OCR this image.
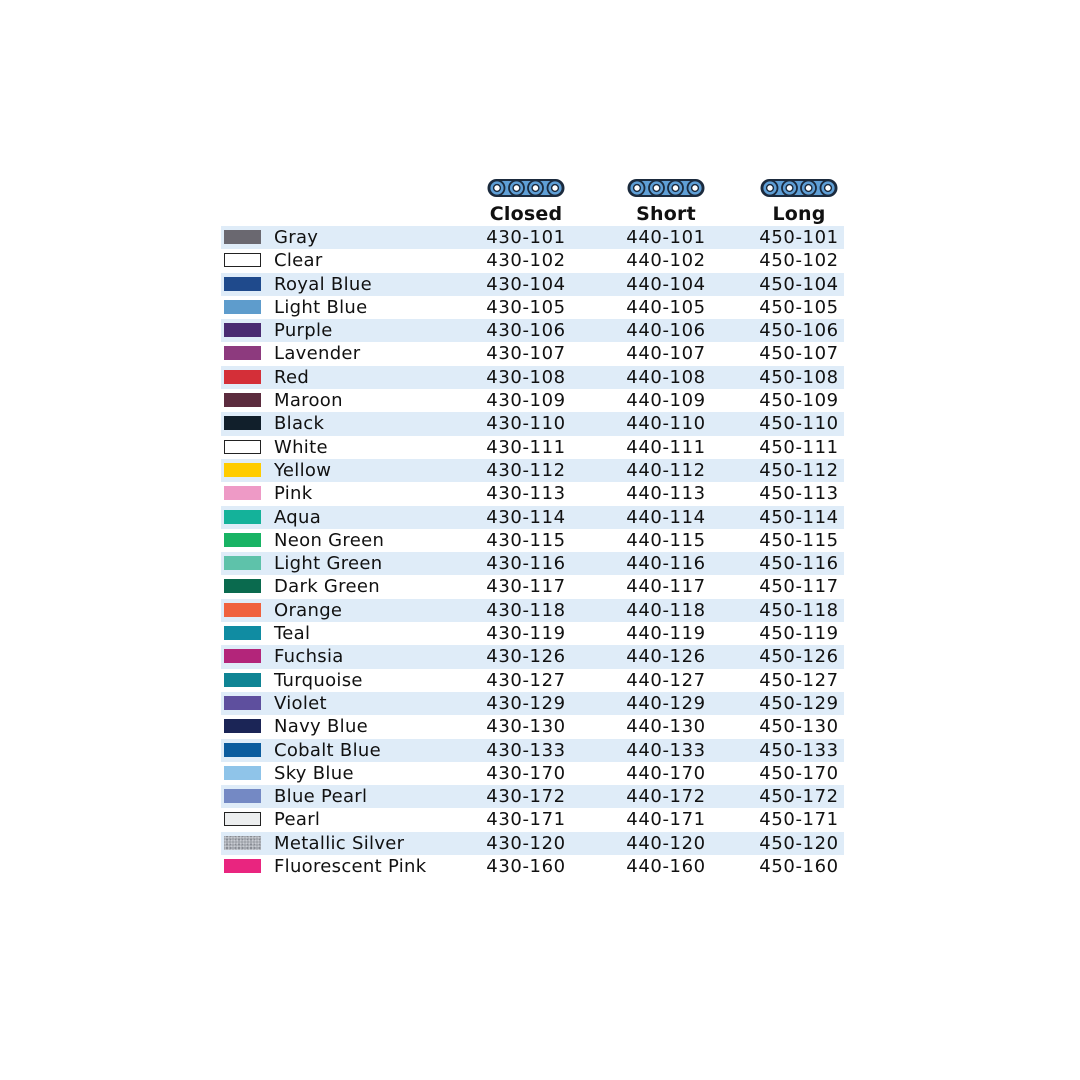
Closed	Short	Long
Gray	430-101	440-101	450-101
Clear	430-102	440-102	450-102
Royal Blue	430-104	440-104	450-104
Light Blue	430-105	440-105	450-105
Purple	430-106	440-106	450-106
Lavender	430-107	440-107	450-107
Red	430-108	440-108	450-108
Maroon	430-109	440-109	450-109
Black	430-110	440-110	450-110
White	430-111	440-111	450-111
Yellow	430-112	440-112	450-112
Pink	430-113	440-113	450-113
Aqua	430-114	440-114	450-114
Neon Green	430-115	440-115	450-115
Light Green	430-116	440-116	450-116
Dark Green	430-117	440-117	450-117
Orange	430-118	440-118	450-118
Teal	430-119	440-119	450-119
Fuchsia	430-126	440-126	450-126
Turquoise	430-127	440-127	450-127
Violet	430-129	440-129	450-129
Navy Blue	430-130	440-130	450-130
Cobalt Blue	430-133	440-133	450-133
Sky Blue	430-170	440-170	450-170
Blue Pearl	430-172	440-172	450-172
Pearl	430-171	440-171	450-171
Metallic Silver	430-120	440-120	450-120
Fluorescent Pink	430-160	440-160	450-160
